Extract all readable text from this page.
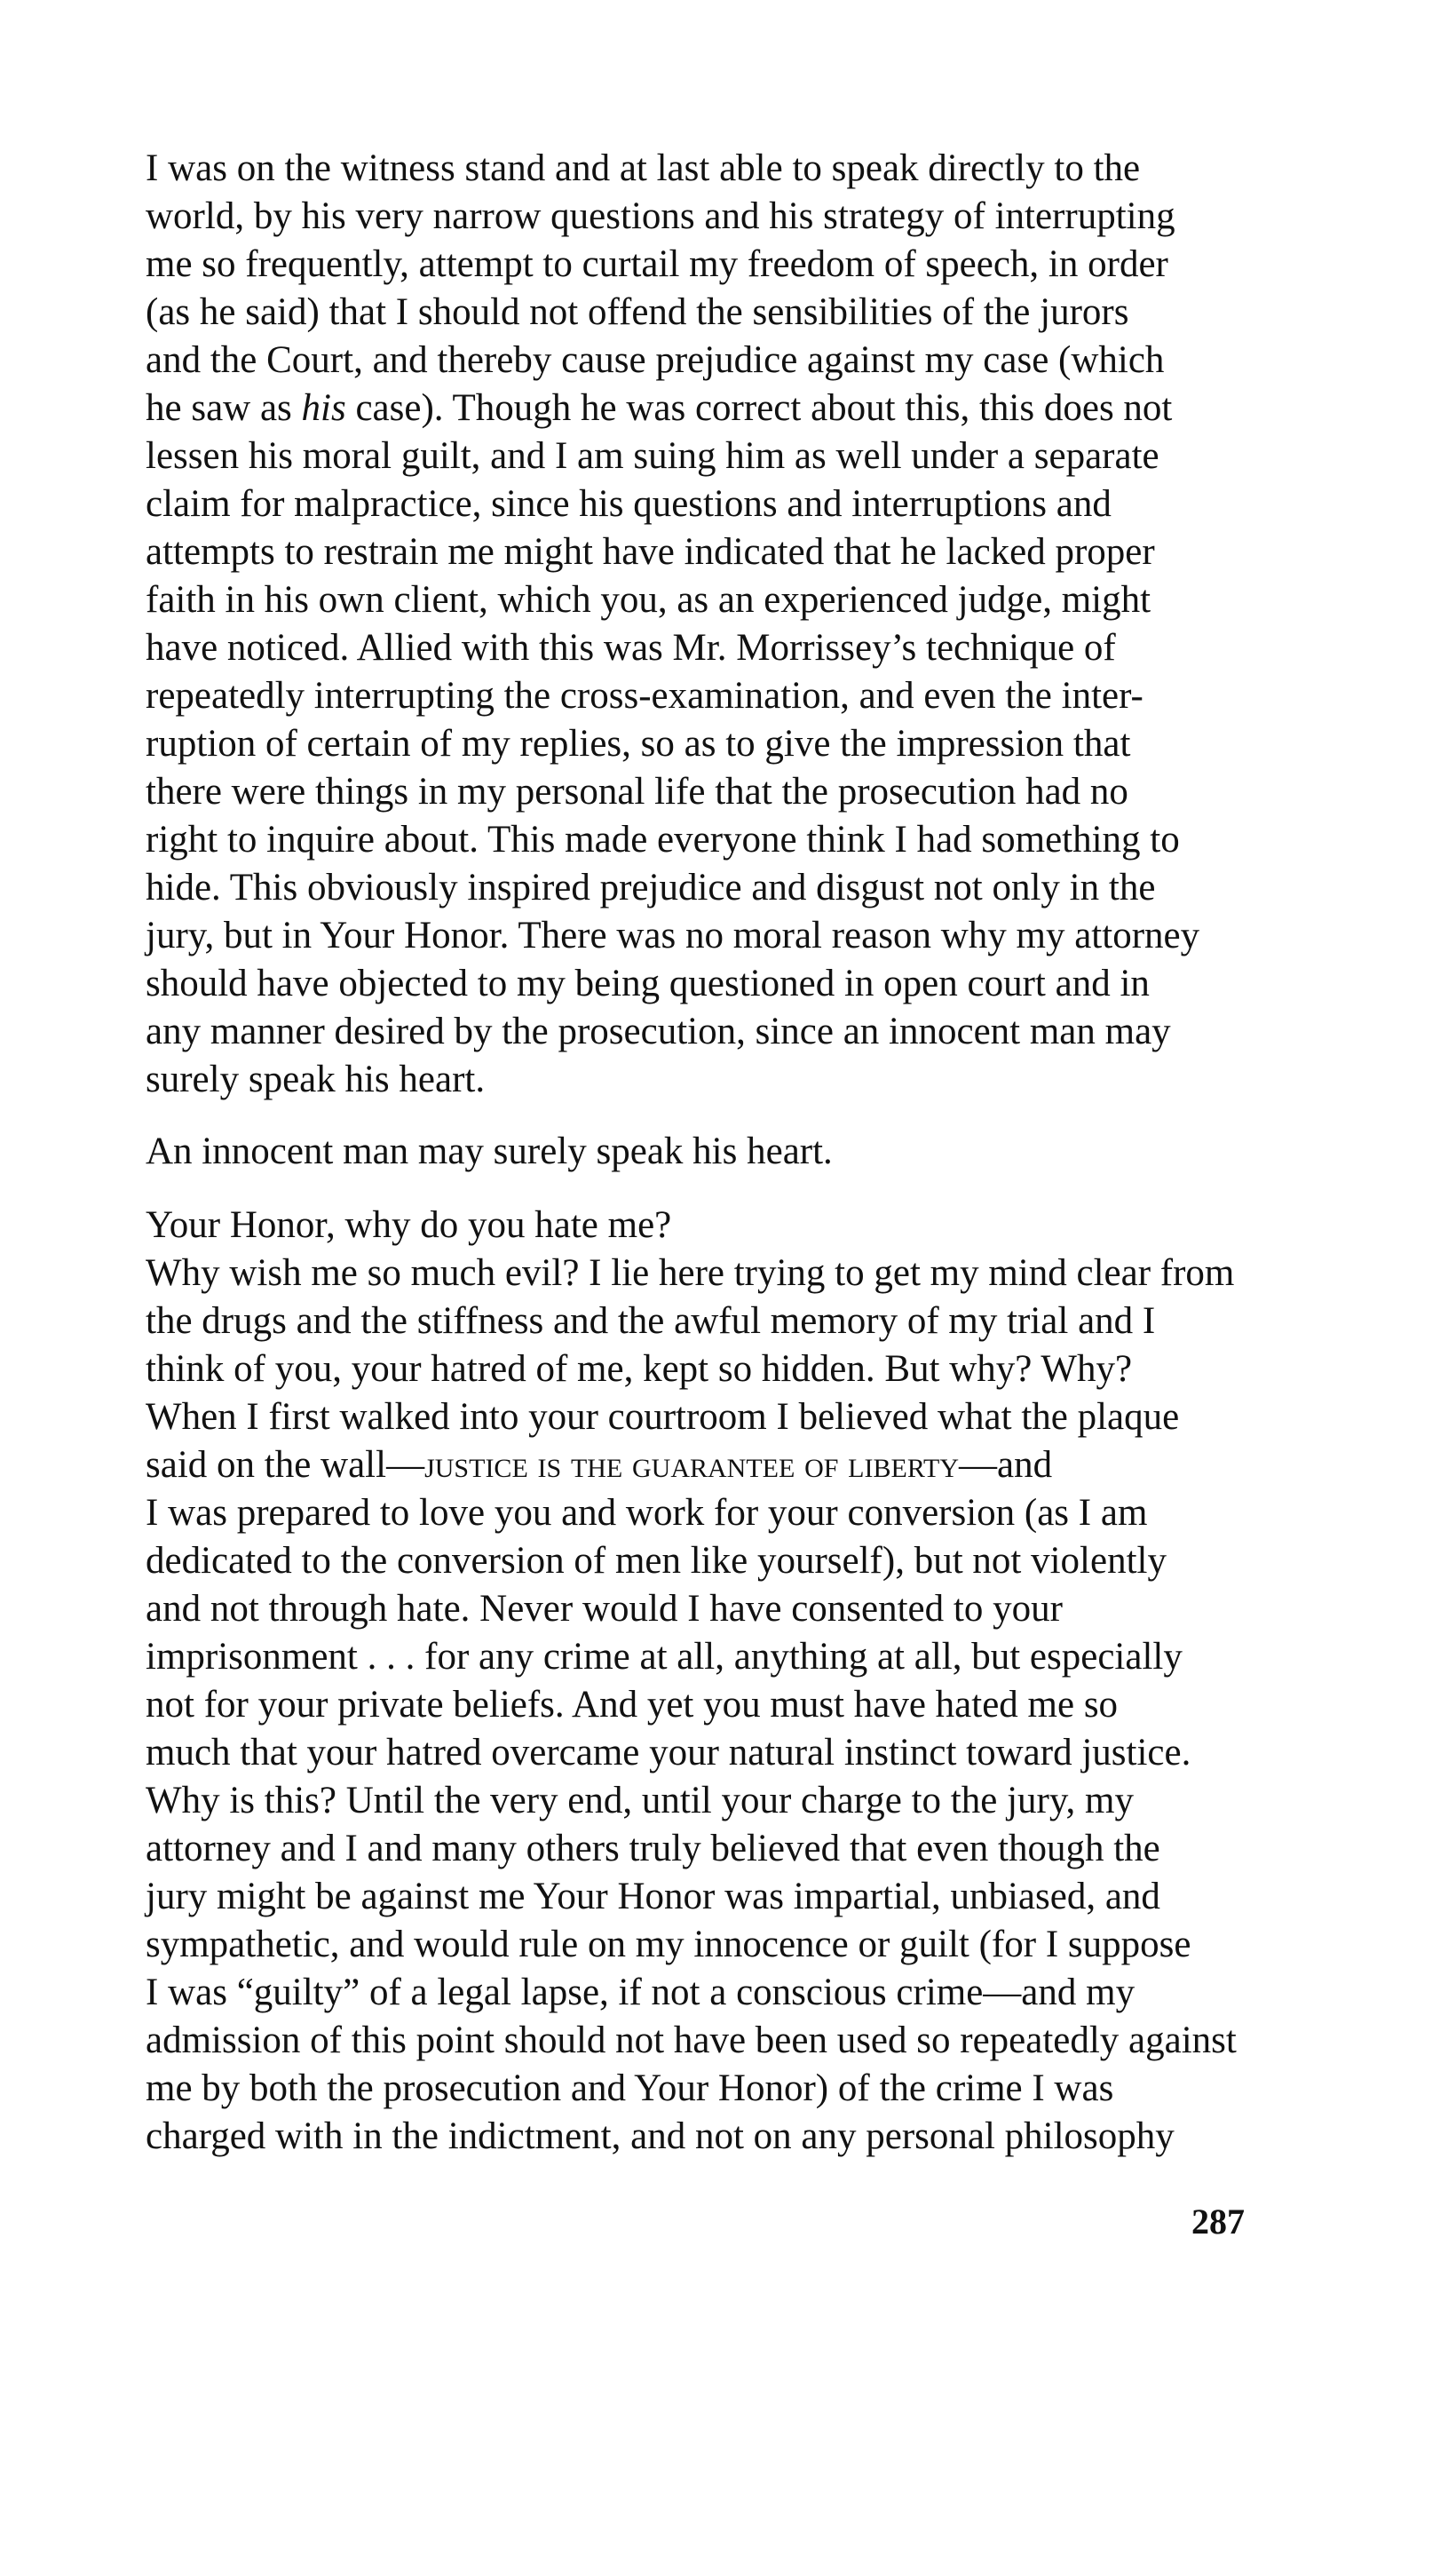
I was on the witness stand and at last able to speak directly to the
world, by his very narrow questions and his strategy of interrupting
me so frequently, attempt to curtail my freedom of speech, in order
(as he said) that I should not offend the sensibilities of the jurors
and the Court, and thereby cause prejudice against my case (which
he saw as his case). Though he was correct about this, this does not
lessen his moral guilt, and I am suing him as well under a separate
claim for malpractice, since his questions and interruptions and
attempts to restrain me might have indicated that he lacked proper
faith in his own client, which you, as an experienced judge, might
have noticed. Allied with this was Mr. Morrissey’s technique of
repeatedly interrupting the cross-examination, and even the inter-
ruption of certain of my replies, so as to give the impression that
there were things in my personal life that the prosecution had no
right to inquire about. This made everyone think I had something to
hide. This obviously inspired prejudice and disgust not only in the
jury, but in Your Honor. There was no moral reason why my attorney
should have objected to my being questioned in open court and in
any manner desired by the prosecution, since an innocent man may
surely speak his heart.
An innocent man may surely speak his heart.
Your Honor, why do you hate me?
Why wish me so much evil? I lie here trying to get my mind clear from
the drugs and the stiffness and the awful memory of my trial and I
think of you, your hatred of me, kept so hidden. But why? Why?
When I first walked into your courtroom I believed what the plaque
said on the wall—justice is the guarantee of liberty—and
I was prepared to love you and work for your conversion (as I am
dedicated to the conversion of men like yourself), but not violently
and not through hate. Never would I have consented to your
imprisonment . . . for any crime at all, anything at all, but especially
not for your private beliefs. And yet you must have hated me so
much that your hatred overcame your natural instinct toward justice.
Why is this? Until the very end, until your charge to the jury, my
attorney and I and many others truly believed that even though the
jury might be against me Your Honor was impartial, unbiased, and
sympathetic, and would rule on my innocence or guilt (for I suppose
I was “guilty” of a legal lapse, if not a conscious crime—and my
admission of this point should not have been used so repeatedly against
me by both the prosecution and Your Honor) of the crime I was
charged with in the indictment, and not on any personal philosophy
287
